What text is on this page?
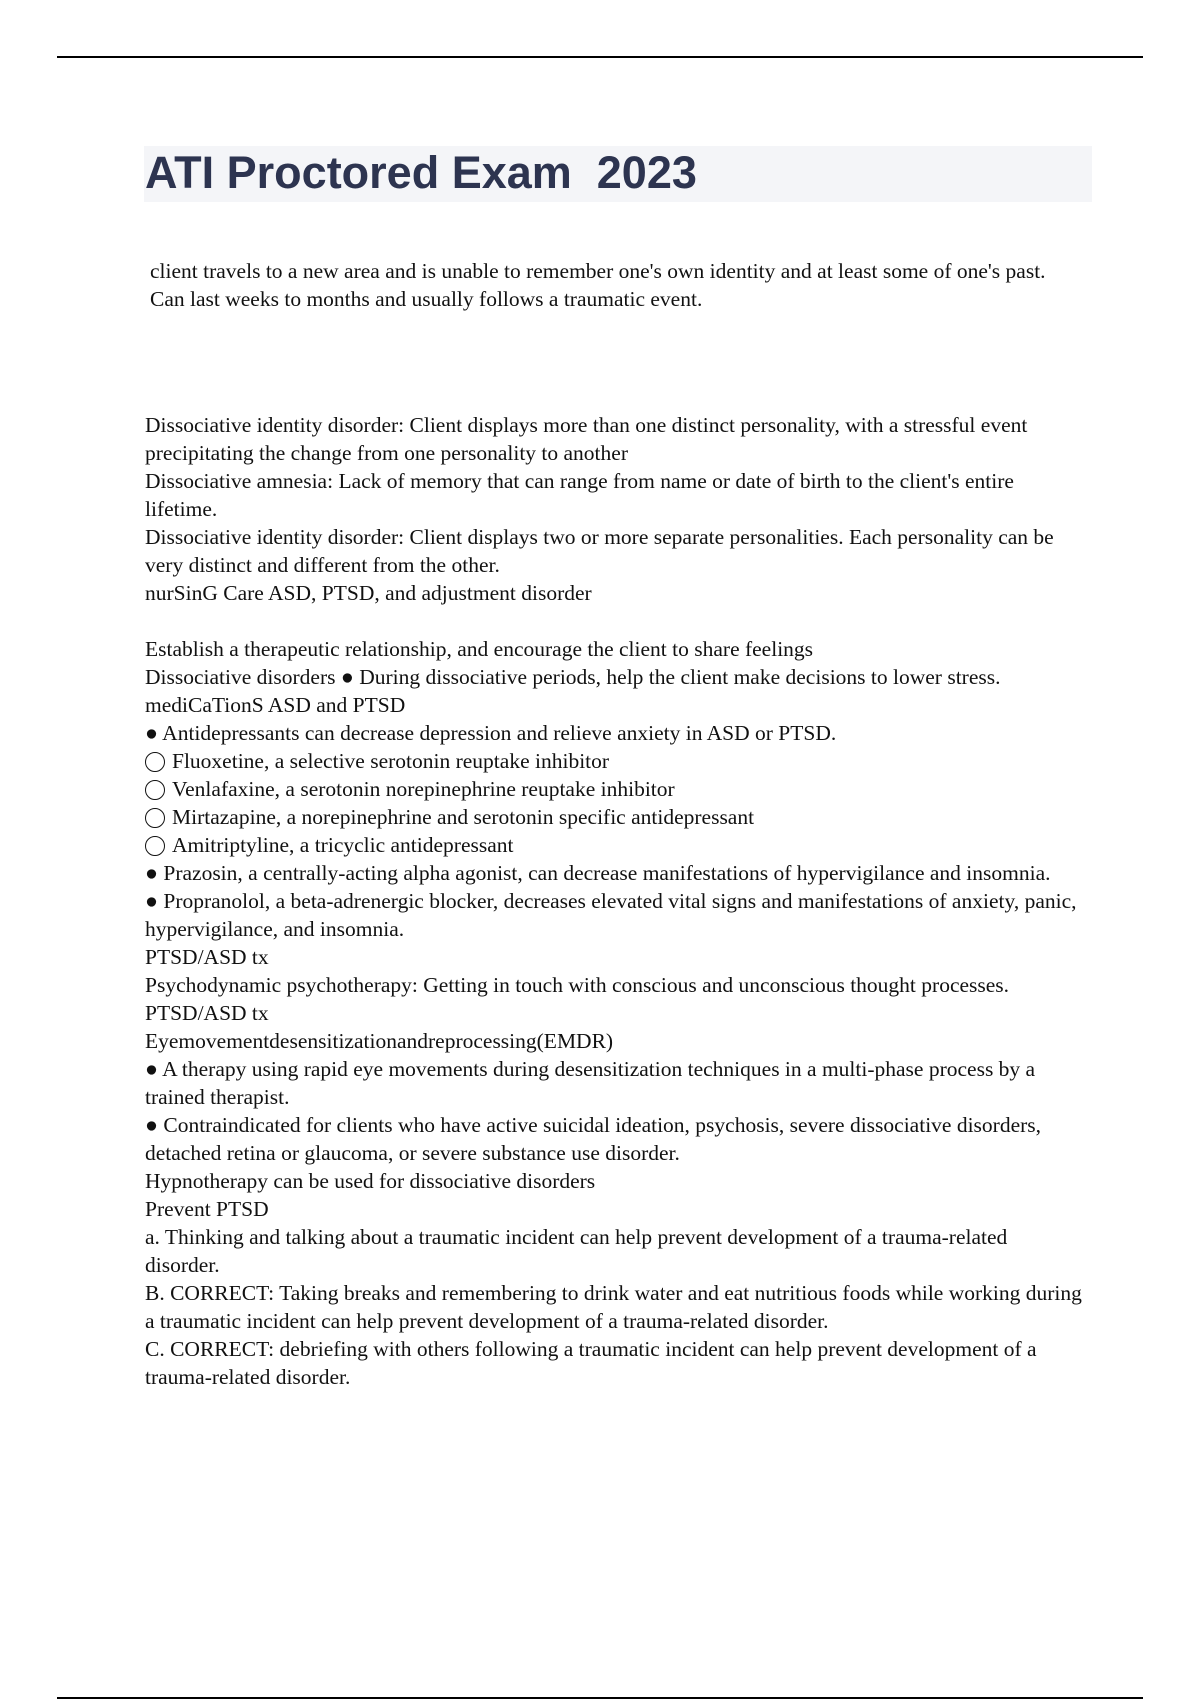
ATI Proctored Exam  2023

client travels to a new area and is unable to remember one's own identity and at least some of one's past. Can last weeks to months and usually follows a traumatic event.

Dissociative identity disorder: Client displays more than one distinct personality, with a stressful event precipitating the change from one personality to another

Dissociative amnesia: Lack of memory that can range from name or date of birth to the client's entire lifetime.

Dissociative identity disorder: Client displays two or more separate personalities. Each personality can be very distinct and different from the other.

nurSinG Care ASD, PTSD, and adjustment disorder

Establish a therapeutic relationship, and encourage the client to share feelings

Dissociative disorders ● During dissociative periods, help the client make decisions to lower stress.

mediCaTionS ASD and PTSD

● Antidepressants can decrease depression and relieve anxiety in ASD or PTSD.

Fluoxetine, a selective serotonin reuptake inhibitor

Venlafaxine, a serotonin norepinephrine reuptake inhibitor

Mirtazapine, a norepinephrine and serotonin specific antidepressant

Amitriptyline, a tricyclic antidepressant

● Prazosin, a centrally-acting alpha agonist, can decrease manifestations of hypervigilance and insomnia.

● Propranolol, a beta-adrenergic blocker, decreases elevated vital signs and manifestations of anxiety, panic, hypervigilance, and insomnia.

PTSD/ASD tx

Psychodynamic psychotherapy: Getting in touch with conscious and unconscious thought processes.

PTSD/ASD tx

Eyemovementdesensitizationandreprocessing(EMDR)

● A therapy using rapid eye movements during desensitization techniques in a multi-phase process by a trained therapist.

● Contraindicated for clients who have active suicidal ideation, psychosis, severe dissociative disorders, detached retina or glaucoma, or severe substance use disorder.

Hypnotherapy can be used for dissociative disorders

Prevent PTSD

a. Thinking and talking about a traumatic incident can help prevent development of a trauma-related disorder.

B. CORRECT: Taking breaks and remembering to drink water and eat nutritious foods while working during a traumatic incident can help prevent development of a trauma-related disorder.

C. CORRECT: debriefing with others following a traumatic incident can help prevent development of a trauma-related disorder.
